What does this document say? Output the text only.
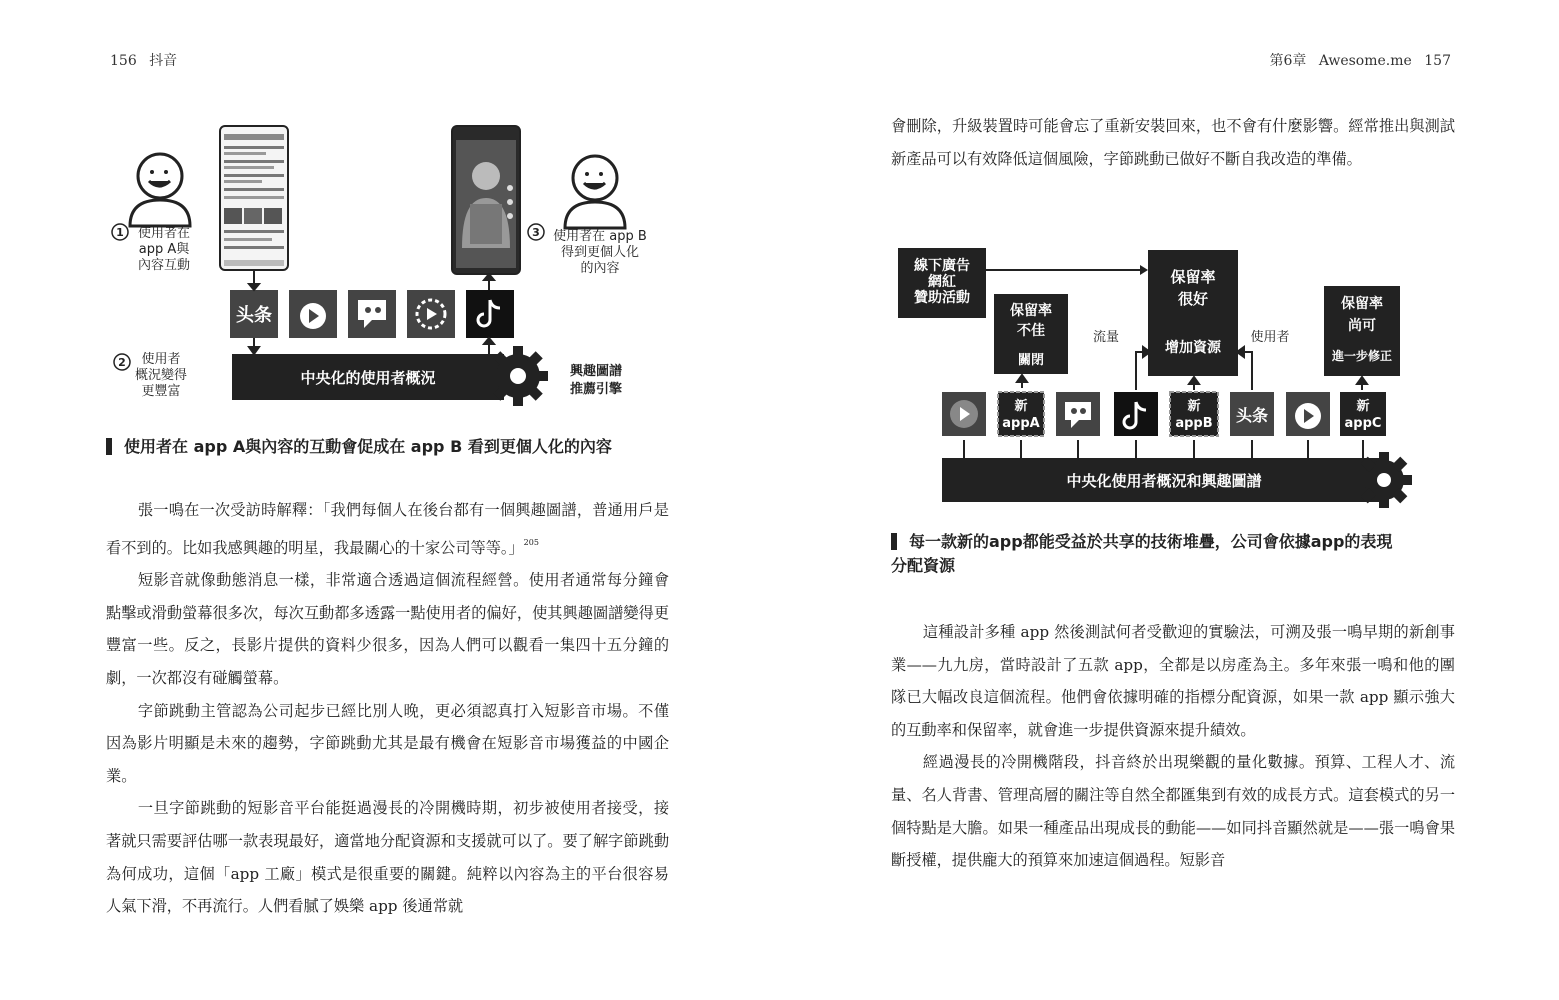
156 抖音
头条
中央化的使用者概況
1 使用者在
app A與
內容互動
2 使用者
概況變得
更豐富
3 使用者在 app B
得到更個人化
的內容
興趣圖譜
推薦引擎
使用者在 app A與內容的互動會促成在 app B 看到更個人化的內容

張一鳴在一次受訪時解釋：「我們每個人在後台都有一個興趣圖譜，普通用戶是看不到的。比如我感興趣的明星，我最關心的十家公司等等。」$^{205}$

短影音就像動態消息一樣，非常適合透過這個流程經營。使用者通常每分鐘會點擊或滑動螢幕很多次，每次互動都多透露一點使用者的偏好，使其興趣圖譜變得更豐富一些。反之，長影片提供的資料少很多，因為人們可以觀看一集四十五分鐘的劇，一次都沒有碰觸螢幕。

字節跳動主管認為公司起步已經比別人晚，更必須認真打入短影音市場。不僅因為影片明顯是未來的趨勢，字節跳動尤其是最有機會在短影音市場獲益的中國企業。

一旦字節跳動的短影音平台能挺過漫長的冷開機時期，初步被使用者接受，接著就只需要評估哪一款表現最好，適當地分配資源和支援就可以了。要了解字節跳動為何成功，這個「app 工廠」模式是很重要的關鍵。純粹以內容為主的平台很容易人氣下滑，不再流行。人們看膩了娛樂 app 後通常就

第6章 Awesome.me 157

會刪除，升級裝置時可能會忘了重新安裝回來，也不會有什麼影響。經常推出與測試新產品可以有效降低這個風險，字節跳動已做好不斷自我改造的準備。

線下廣告
網紅
贊助活動
保留率
不佳
關閉
保留率
很好
增加資源
保留率
尚可
進一步修正
流量	使用者
新
appA
新
appB 头条	新
appC
中央化使用者概況和興趣圖譜
每一款新的app都能受益於共享的技術堆疊，公司會依據app的表現
分配資源

這種設計多種 app 然後測試何者受歡迎的實驗法，可溯及張一鳴早期的新創事業——九九房，當時設計了五款 app，全都是以房產為主。多年來張一鳴和他的團隊已大幅改良這個流程。他們會依據明確的指標分配資源，如果一款 app 顯示強大的互動率和保留率，就會進一步提供資源來提升績效。

經過漫長的冷開機階段，抖音終於出現樂觀的量化數據。預算、工程人才、流量、名人背書、管理高層的關注等自然全都匯集到有效的成長方式。這套模式的另一個特點是大膽。如果一種產品出現成長的動能——如同抖音顯然就是——張一鳴會果斷授權，提供龐大的預算來加速這個過程。短影音
